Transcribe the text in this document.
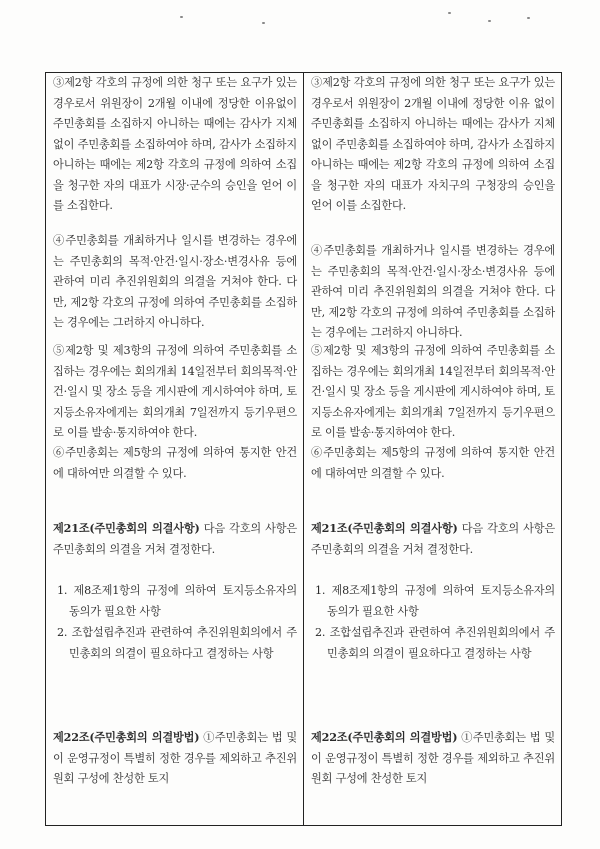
③제2항 각호의 규정에 의한 청구 또는 요구가 있는 경우로서 위원장이 2개월 이내에 정당한 이유없이 주민총회를 소집하지 아니하는 때에는 감사가 지체없이 주민총회를 소집하여야 하며, 감사가 소집하지 아니하는 때에는 제2항 각호의 규정에 의하여 소집을 청구한 자의 대표가 시장·군수의 승인을 얻어 이를 소집한다.
④주민총회를 개최하거나 일시를 변경하는 경우에는 주민총회의 목적·안건·일시·장소·변경사유 등에 관하여 미리 추진위원회의 의결을 거쳐야 한다. 다만, 제2항 각호의 규정에 의하여 주민총회를 소집하는 경우에는 그러하지 아니하다.
⑤제2항 및 제3항의 규정에 의하여 주민총회를 소집하는 경우에는 회의개최 14일전부터 회의목적·안건·일시 및 장소 등을 게시판에 게시하여야 하며, 토지등소유자에게는 회의개최 7일전까지 등기우편으로 이를 발송·통지하여야 한다.
⑥주민총회는 제5항의 규정에 의하여 통지한 안건에 대하여만 의결할 수 있다.
제21조(주민총회의 의결사항) 다음 각호의 사항은 주민총회의 의결을 거쳐 결정한다.
1. 제8조제1항의 규정에 의하여 토지등소유자의 동의가 필요한 사항
2. 조합설립추진과 관련하여 추진위원회의에서 주민총회의 의결이 필요하다고 결정하는 사항
제22조(주민총회의 의결방법) ①주민총회는 법 및 이 운영규정이 특별히 정한 경우를 제외하고 추진위원회 구성에 찬성한 토지

③제2항 각호의 규정에 의한 청구 또는 요구가 있는 경우로서 위원장이 2개월 이내에 정당한 이유 없이 주민총회를 소집하지 아니하는 때에는 감사가 지체 없이 주민총회를 소집하여야 하며, 감사가 소집하지 아니하는 때에는 제2항 각호의 규정에 의하여 소집을 청구한 자의 대표가 자치구의 구청장의 승인을 얻어 이를 소집한다.
④주민총회를 개최하거나 일시를 변경하는 경우에는 주민총회의 목적·안건·일시·장소·변경사유 등에 관하여 미리 추진위원회의 의결을 거쳐야 한다. 다만, 제2항 각호의 규정에 의하여 주민총회를 소집하는 경우에는 그러하지 아니하다.
⑤제2항 및 제3항의 규정에 의하여 주민총회를 소집하는 경우에는 회의개최 14일전부터 회의목적·안건·일시 및 장소 등을 게시판에 게시하여야 하며, 토지등소유자에게는 회의개최 7일전까지 등기우편으로 이를 발송·통지하여야 한다.
⑥주민총회는 제5항의 규정에 의하여 통지한 안건에 대하여만 의결할 수 있다.
제21조(주민총회의 의결사항) 다음 각호의 사항은 주민총회의 의결을 거쳐 결정한다.
1. 제8조제1항의 규정에 의하여 토지등소유자의 동의가 필요한 사항
2. 조합설립추진과 관련하여 추진위원회의에서 주민총회의 의결이 필요하다고 결정하는 사항
제22조(주민총회의 의결방법) ①주민총회는 법 및 이 운영규정이 특별히 정한 경우를 제외하고 추진위원회 구성에 찬성한 토지
